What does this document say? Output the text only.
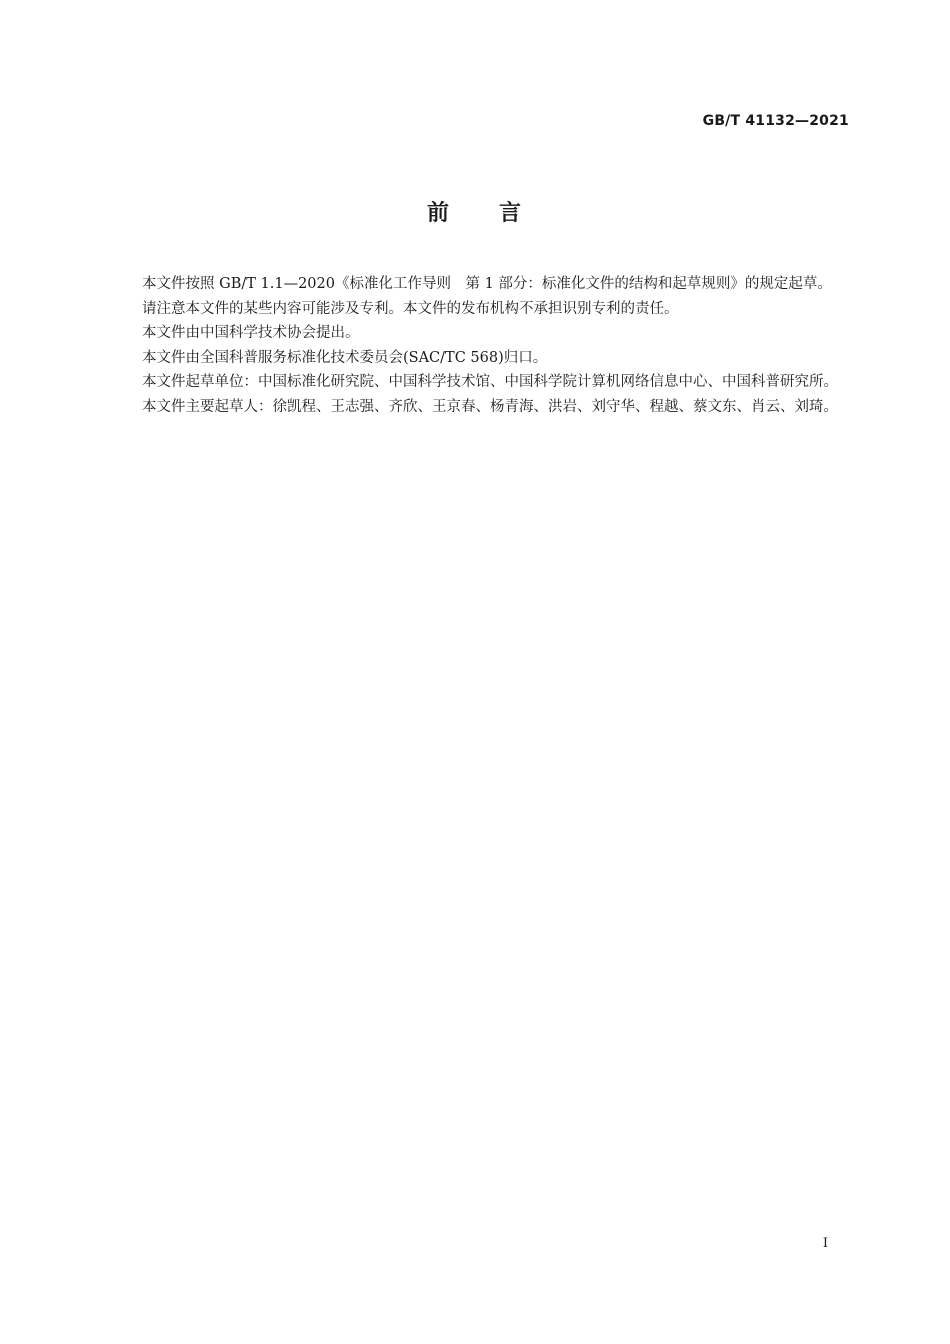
GB/T 41132—2021
前　　言

本文件按照 GB/T 1.1—2020《标准化工作导则　第 1 部分：标准化文件的结构和起草规则》的规定起草。

请注意本文件的某些内容可能涉及专利。本文件的发布机构不承担识别专利的责任。

本文件由中国科学技术协会提出。

本文件由全国科普服务标准化技术委员会(SAC/TC 568)归口。

本文件起草单位：中国标准化研究院、中国科学技术馆、中国科学院计算机网络信息中心、中国科普研究所。

本文件主要起草人：徐凯程、王志强、齐欣、王京春、杨青海、洪岩、刘守华、程越、蔡文东、肖云、刘琦。

I
